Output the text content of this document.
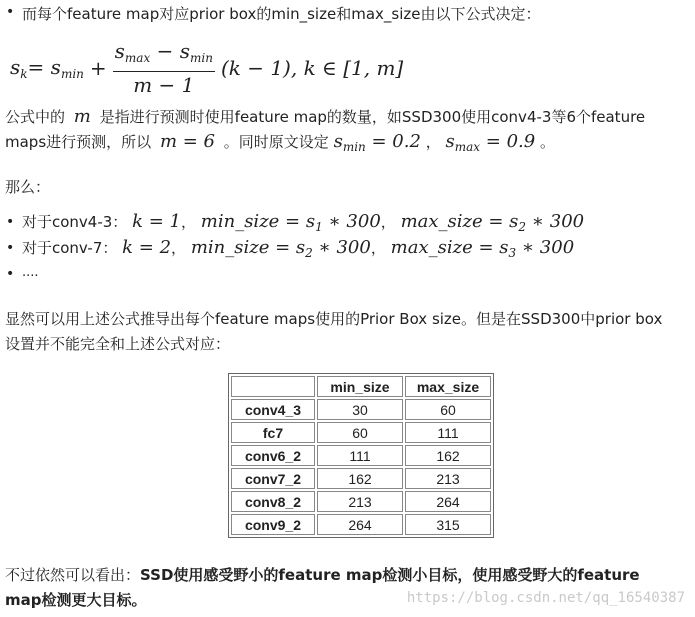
• 而每个feature map对应prior box的min_size和max_size由以下公式决定：
$s_k = s_{min} + \frac{s_{max} - s_{min}}{m - 1} (k - 1)$, k ∈ [1, m]
公式中的 m 是指进行预测时使用feature map的数量，如SSD300使用conv4-3等6个feature
maps进行预测，所以 m = 6 。同时原文设定 $s_{min} = 0.2$ ， $s_{max} = 0.9$ 。
那么：
• 对于conv4-3： k = 1， min_size = $s_1$ ∗ 300， max_size = $s_2$ ∗ 300
• 对于conv-7： k = 2， min_size = $s_2$ ∗ 300， max_size = $s_3$ ∗ 300
• ....
显然可以用上述公式推导出每个feature maps使用的Prior Box size。但是在SSD300中prior box
设置并不能完全和上述公式对应：
	min_size	max_size
conv4_3	30	60
fc7	60	111
conv6_2	111	162
conv7_2	162	213
conv8_2	213	264
conv9_2	264	315
不过依然可以看出：SSD使用感受野小的feature map检测小目标，使用感受野大的feature
map检测更大目标。	https://blog.csdn.net/qq_16540387
